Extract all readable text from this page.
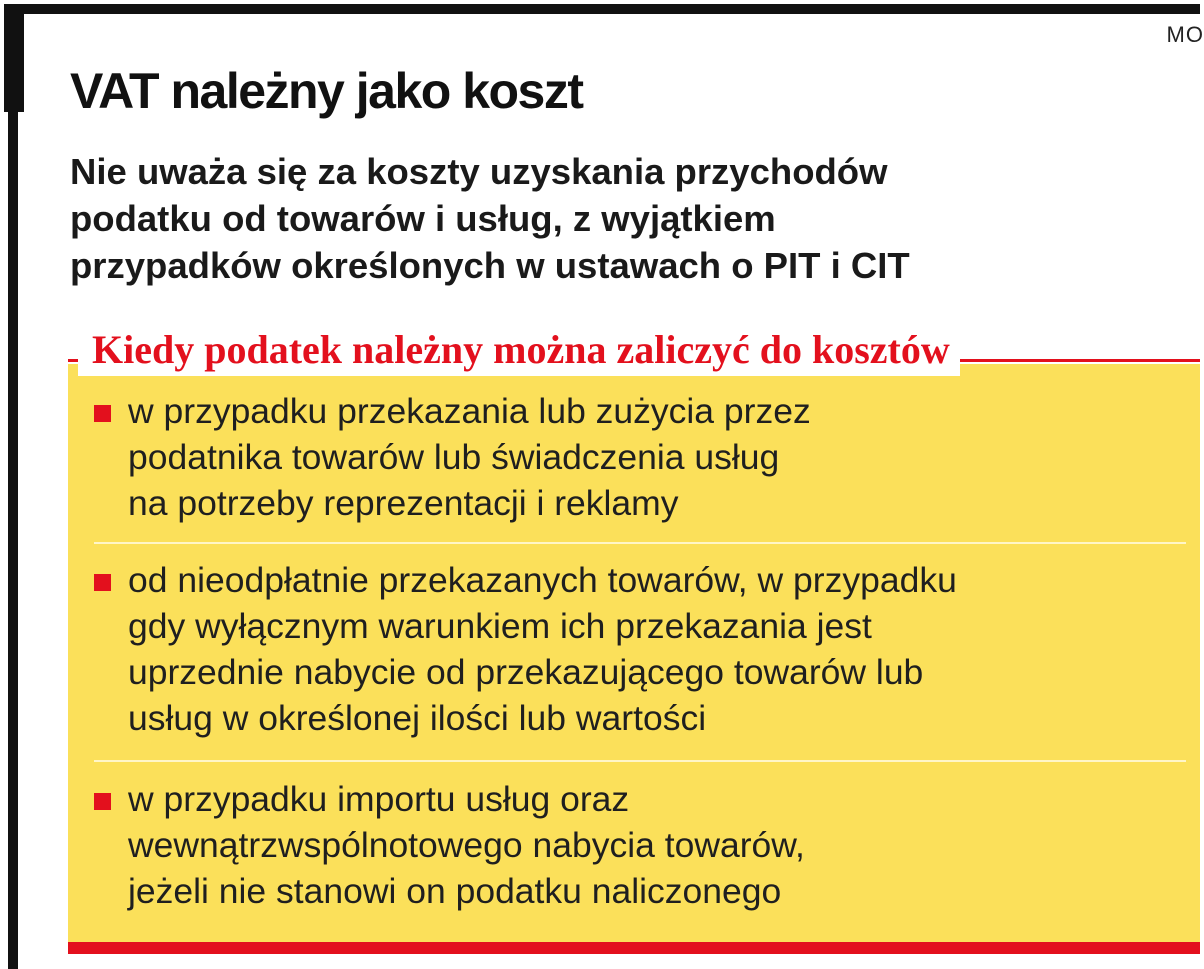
MO
VAT należny jako koszt
Nie uważa się za koszty uzyskania przychodów
podatku od towarów i usług, z wyjątkiem
przypadków określonych w ustawach o PIT i CIT
Kiedy podatek należny można zaliczyć do kosztów

w przypadku przekazania lub zużycia przez
podatnika towarów lub świadczenia usług
na potrzeby reprezentacji i reklamy

od nieodpłatnie przekazanych towarów, w przypadku
gdy wyłącznym warunkiem ich przekazania jest
uprzednie nabycie od przekazującego towarów lub
usług w określonej ilości lub wartości

w przypadku importu usług oraz
wewnątrzwspólnotowego nabycia towarów,
jeżeli nie stanowi on podatku naliczonego
